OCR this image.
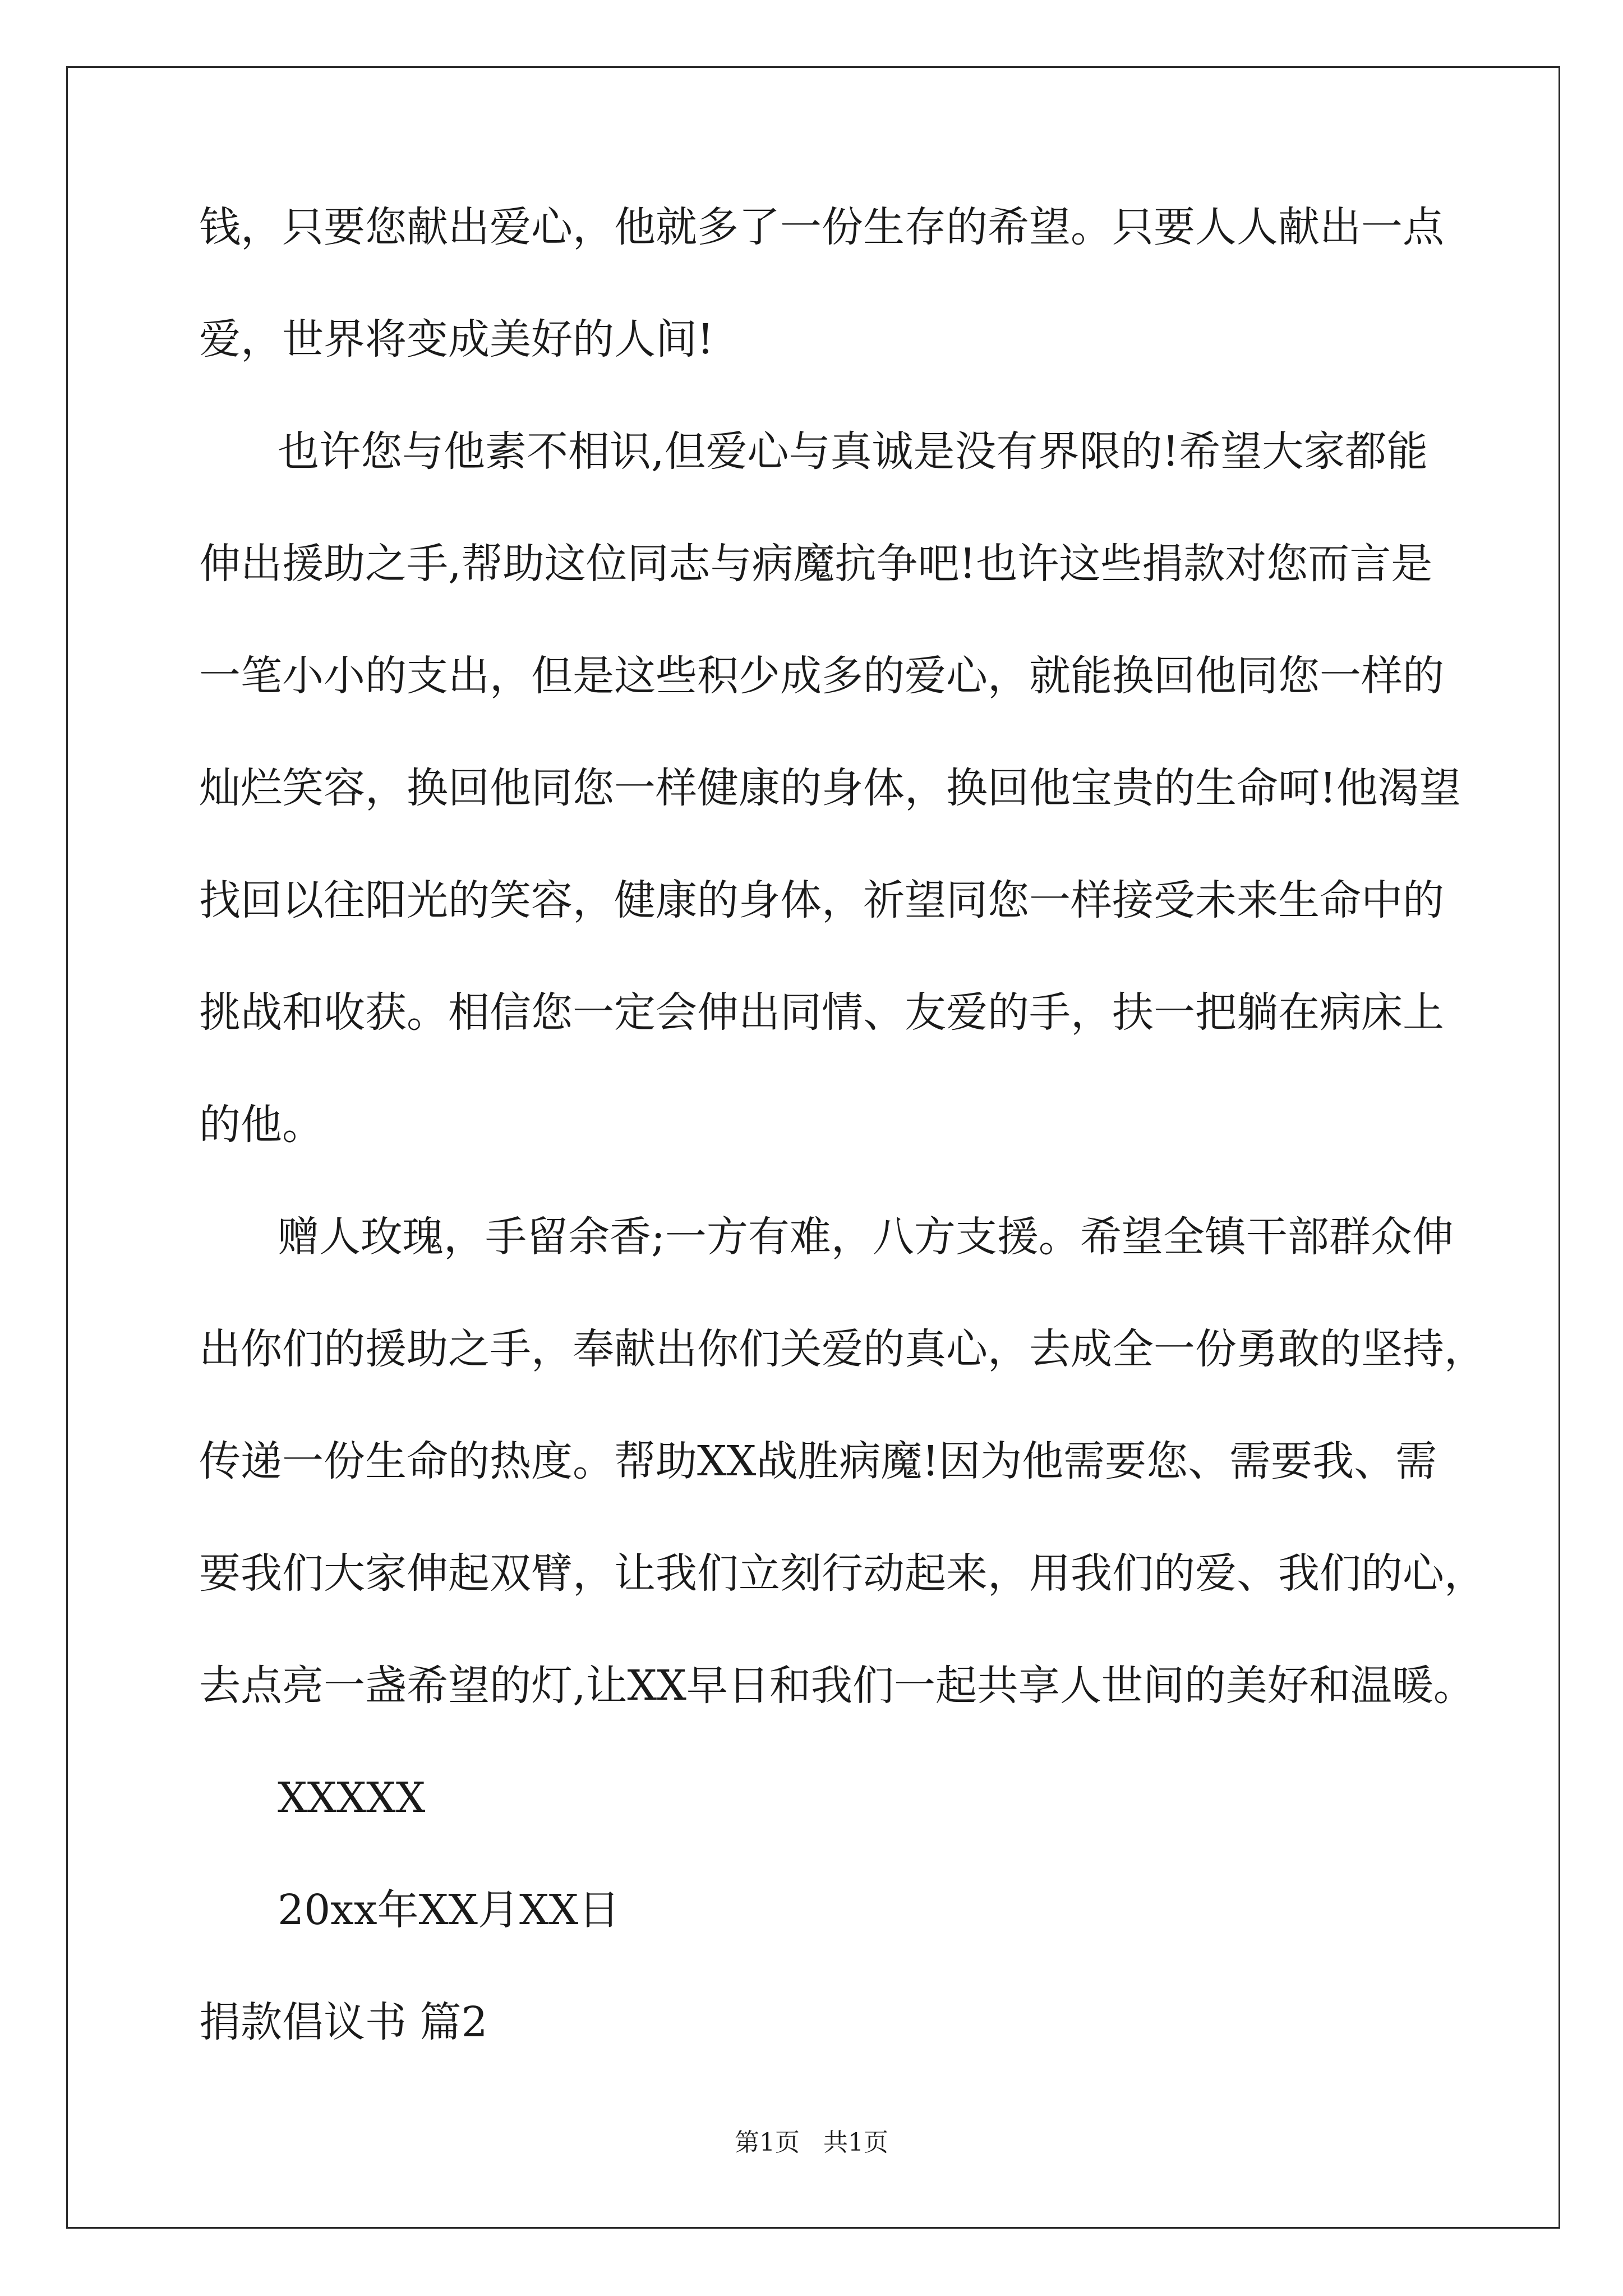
钱，只要您献出爱心，他就多了一份生存的希望。只要人人献出一点
爱，世界将变成美好的人间!
也许您与他素不相识,但爱心与真诚是没有界限的!希望大家都能
伸出援助之手,帮助这位同志与病魔抗争吧!也许这些捐款对您而言是
一笔小小的支出，但是这些积少成多的爱心，就能换回他同您一样的
灿烂笑容，换回他同您一样健康的身体，换回他宝贵的生命呵!他渴望
找回以往阳光的笑容，健康的身体，祈望同您一样接受未来生命中的
挑战和收获。相信您一定会伸出同情、友爱的手，扶一把躺在病床上
的他。
赠人玫瑰，手留余香;一方有难，八方支援。希望全镇干部群众伸
出你们的援助之手，奉献出你们关爱的真心，去成全一份勇敢的坚持，
传递一份生命的热度。帮助XX战胜病魔!因为他需要您、需要我、需
要我们大家伸起双臂，让我们立刻行动起来，用我们的爱、我们的心，
去点亮一盏希望的灯,让XX早日和我们一起共享人世间的美好和温暖。
XXXXX
20xx年XX月XX日
捐款倡议书 篇2
第1页   共1页
